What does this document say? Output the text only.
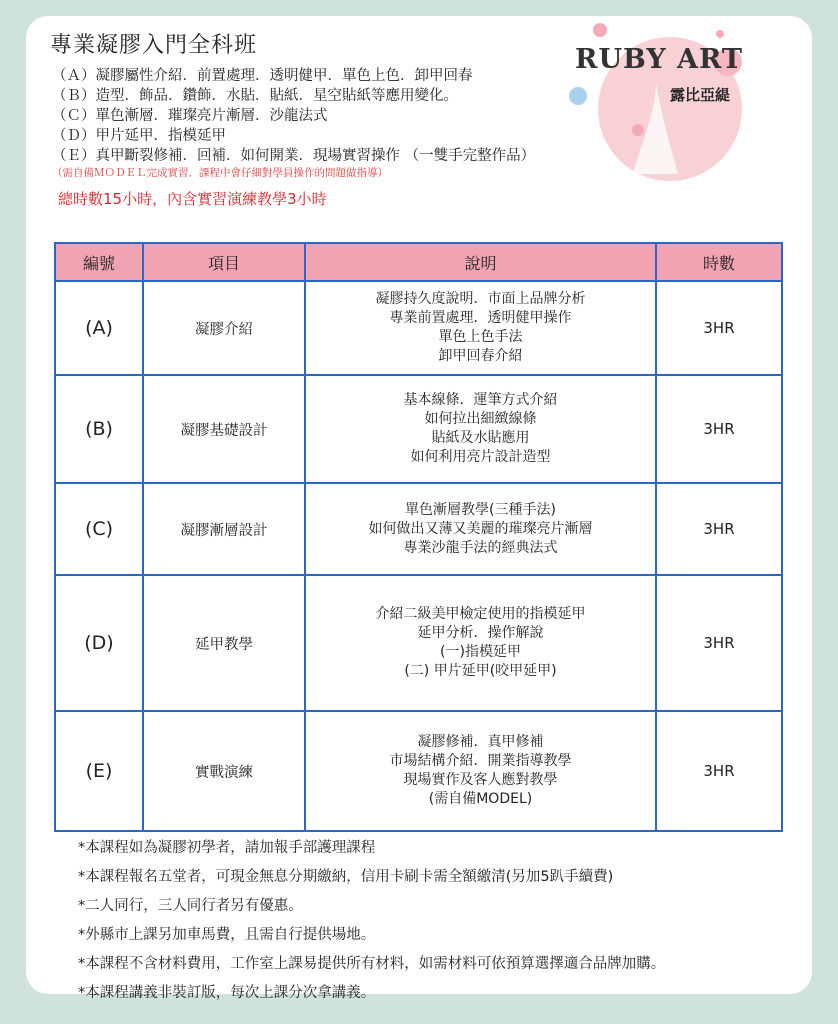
專業凝膠入門全科班
（Ａ）凝膠屬性介紹．前置處理．透明健甲．單色上色．卸甲回春
（Ｂ）造型．飾品．鑽飾．水貼．貼紙．星空貼紙等應用變化。
（Ｃ）單色漸層．璀璨亮片漸層．沙龍法式
（Ｄ）甲片延甲．指模延甲
（Ｅ）真甲斷裂修補．回補．如何開業．現場實習操作 （一雙手完整作品）
（需自備ＭＯＤＥＬ完成實習．課程中會仔細對學員操作的問題做指導）
總時數15小時，內含實習演練教學3小時
RUBY ART
露比亞緹
編號	項目	說明	時數
(A)	凝膠介紹	凝膠持久度說明．市面上品牌分析
專業前置處理．透明健甲操作
單色上色手法
卸甲回春介紹	3HR
(B)	凝膠基礎設計	基本線條．運筆方式介紹
如何拉出細緻線條
貼紙及水貼應用
如何利用亮片設計造型	3HR
(C)	凝膠漸層設計	單色漸層教學(三種手法)
如何做出又薄又美麗的璀璨亮片漸層
專業沙龍手法的經典法式	3HR
(D)	延甲教學	介紹二級美甲檢定使用的指模延甲
延甲分析．操作解說
(一)指模延甲
(二) 甲片延甲(咬甲延甲)	3HR
(E)	實戰演練	凝膠修補．真甲修補
市場結構介紹．開業指導教學
現場實作及客人應對教學
(需自備MODEL)	3HR
*本課程如為凝膠初學者，請加報手部護理課程
*本課程報名五堂者，可現金無息分期繳納，信用卡刷卡需全額繳清(另加5趴手續費)
*二人同行，三人同行者另有優惠。
*外縣市上課另加車馬費，且需自行提供場地。
*本課程不含材料費用，工作室上課易提供所有材料，如需材料可依預算選擇適合品牌加購。
*本課程講義非裝訂版，每次上課分次拿講義。
